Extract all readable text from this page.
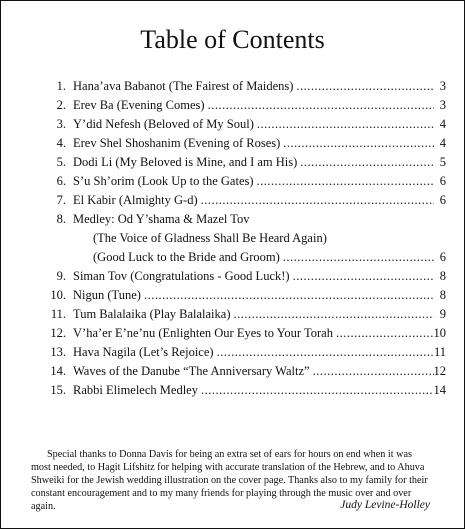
Table of Contents
1. Hana’ava Babanot (The Fairest of Maidens) .....	3
2. Erev Ba (Evening Comes) .....	3
3. Y’did Nefesh (Beloved of My Soul) .....	4
4. Erev Shel Shoshanim (Evening of Roses) .....	4
5. Dodi Li (My Beloved is Mine, and I am His) .....	5
6. S’u Sh’orim (Look Up to the Gates) .....	6
7. El Kabir (Almighty G-d) .....	6
8. Medley: Od Y’shama & Mazel Tov
(The Voice of Gladness Shall Be Heard Again)
(Good Luck to the Bride and Groom) .....	6
9. Siman Tov (Congratulations - Good Luck!) .....	8
10. Nigun (Tune) .....	8
11. Tum Balalaika (Play Balalaika) .....	9
12. V’ha’er E’ne’nu (Enlighten Our Eyes to Your Torah .....	10
13. Hava Nagila (Let’s Rejoice) .....	11
14. Waves of the Danube “The Anniversary Waltz” .....	12
15. Rabbi Elimelech Medley .....	14

Special thanks to Donna Davis for being an extra set of ears for hours on end when it was most needed, to Hagit Lifshitz for helping with accurate translation of the Hebrew, and to Ahuva Shweiki for the Jewish wedding illustration on the cover page. Thanks also to my family for their constant encouragement and to my many friends for playing through the music over and over again.	Judy Levine-Holley
